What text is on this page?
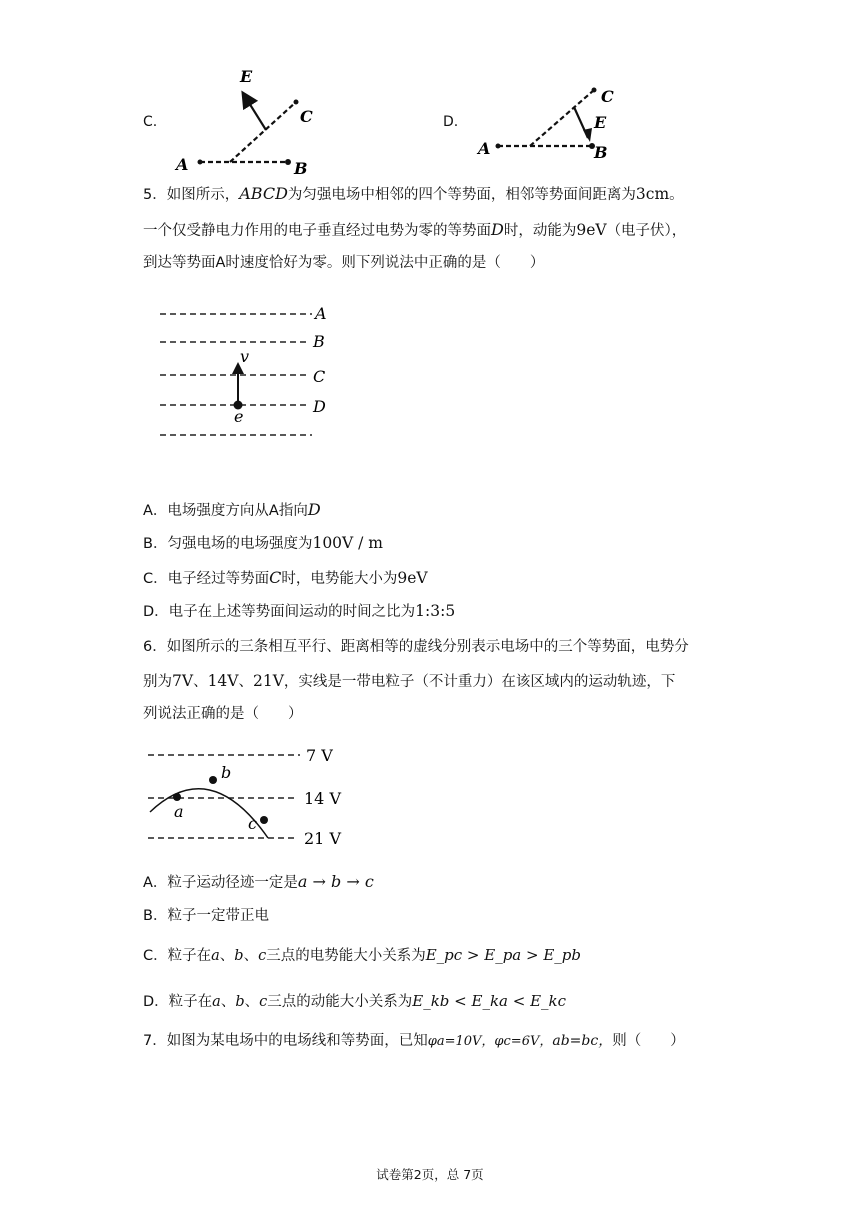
C.
E
C
A	B
D.
C
E
A	B
5．如图所示，ABCD为匀强电场中相邻的四个等势面，相邻等势面间距离为3cm。
一个仅受静电力作用的电子垂直经过电势为零的等势面D时，动能为9eV（电子伏），
到达等势面A时速度恰好为零。则下列说法中正确的是（　　）
A
B
C
D
v
e
A．电场强度方向从A指向D
B．匀强电场的电场强度为100V / m
C．电子经过等势面C时，电势能大小为9eV
D．电子在上述等势面间运动的时间之比为1:3:5
6．如图所示的三条相互平行、距离相等的虚线分别表示电场中的三个等势面，电势分
别为7V、14V、21V，实线是一带电粒子（不计重力）在该区域内的运动轨迹，下
列说法正确的是（　　）
7 V
14 V
21 V
a
b
c
A．粒子运动径迹一定是a → b → c
B．粒子一定带正电
C．粒子在a、b、c三点的电势能大小关系为E_pc > E_pa > E_pb
D．粒子在a、b、c三点的动能大小关系为E_kb < E_ka < E_kc
7．如图为某电场中的电场线和等势面，已知φa=10V，φc=6V，ab=bc，则（　　）
试卷第2页，总 7页
